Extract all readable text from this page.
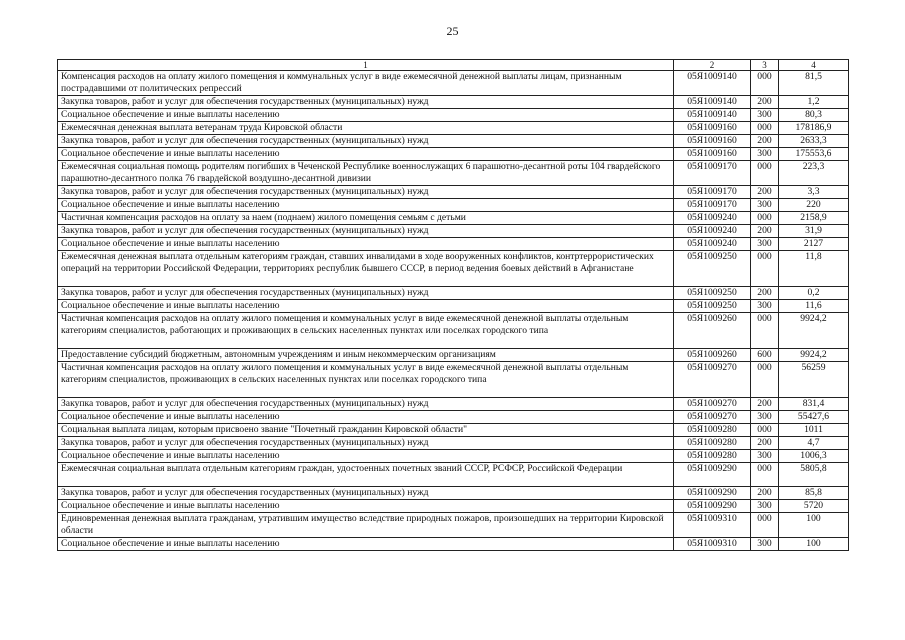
25
1	2	3	4
Компенсация расходов на оплату жилого помещения и коммунальных услуг в виде ежемесячной денежной выплаты лицам, признанным пострадавшими от политических репрессий	05Я1009140	000	81,5
Закупка товаров, работ и услуг для обеспечения государственных (муниципальных) нужд	05Я1009140	200	1,2
Социальное обеспечение и иные выплаты населению	05Я1009140	300	80,3
Ежемесячная денежная выплата ветеранам труда Кировской области	05Я1009160	000	178186,9
Закупка товаров, работ и услуг для обеспечения государственных (муниципальных) нужд	05Я1009160	200	2633,3
Социальное обеспечение и иные выплаты населению	05Я1009160	300	175553,6
Ежемесячная социальная помощь родителям погибших в Чеченской Республике военнослужащих 6 парашютно-десантной роты 104 гвардейского парашютно-десантного полка 76 гвардейской воздушно-десантной дивизии	05Я1009170	000	223,3
Закупка товаров, работ и услуг для обеспечения государственных (муниципальных) нужд	05Я1009170	200	3,3
Социальное обеспечение и иные выплаты населению	05Я1009170	300	220
Частичная компенсация расходов на оплату за наем (поднаем) жилого помещения семьям с детьми	05Я1009240	000	2158,9
Закупка товаров, работ и услуг для обеспечения государственных (муниципальных) нужд	05Я1009240	200	31,9
Социальное обеспечение и иные выплаты населению	05Я1009240	300	2127
Ежемесячная денежная выплата отдельным категориям граждан, ставших инвалидами в ходе вооруженных конфликтов, контртеррористических операций на территории Российской Федерации, территориях республик бывшего СССР, в период ведения боевых действий в Афганистане	05Я1009250	000	11,8
Закупка товаров, работ и услуг для обеспечения государственных (муниципальных) нужд	05Я1009250	200	0,2
Социальное обеспечение и иные выплаты населению	05Я1009250	300	11,6
Частичная компенсация расходов на оплату жилого помещения и коммунальных услуг в виде ежемесячной денежной выплаты отдельным категориям специалистов, работающих и проживающих в сельских населенных пунктах или поселках городского типа	05Я1009260	000	9924,2
Предоставление субсидий бюджетным, автономным учреждениям и иным некоммерческим организациям	05Я1009260	600	9924,2
Частичная компенсация расходов на оплату жилого помещения и коммунальных услуг в виде ежемесячной денежной выплаты отдельным категориям специалистов, проживающих в сельских населенных пунктах или поселках городского типа	05Я1009270	000	56259
Закупка товаров, работ и услуг для обеспечения государственных (муниципальных) нужд	05Я1009270	200	831,4
Социальное обеспечение и иные выплаты населению	05Я1009270	300	55427,6
Социальная выплата лицам, которым присвоено звание "Почетный гражданин Кировской области"	05Я1009280	000	1011
Закупка товаров, работ и услуг для обеспечения государственных (муниципальных) нужд	05Я1009280	200	4,7
Социальное обеспечение и иные выплаты населению	05Я1009280	300	1006,3
Ежемесячная социальная выплата отдельным категориям граждан, удостоенных почетных званий СССР, РСФСР, Российской Федерации	05Я1009290	000	5805,8
Закупка товаров, работ и услуг для обеспечения государственных (муниципальных) нужд	05Я1009290	200	85,8
Социальное обеспечение и иные выплаты населению	05Я1009290	300	5720
Единовременная денежная выплата гражданам, утратившим имущество вследствие природных пожаров, произошедших на территории Кировской области	05Я1009310	000	100
Социальное обеспечение и иные выплаты населению	05Я1009310	300	100
